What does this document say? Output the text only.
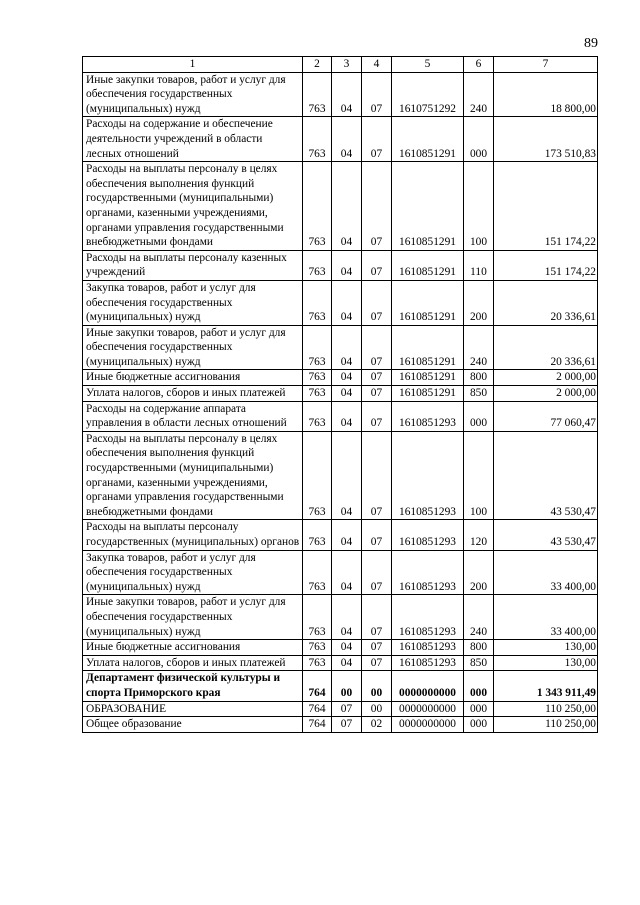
89
1	2	3	4	5	6	7
Иные закупки товаров, работ и услуг для обеспечения государственных (муниципальных) нужд	763	04	07	1610751292	240	18 800,00
Расходы на содержание и обеспечение деятельности учреждений в области лесных отношений	763	04	07	1610851291	000	173 510,83
Расходы на выплаты персоналу в целях обеспечения выполнения функций государственными (муниципальными) органами, казенными учреждениями, органами управления государственными внебюджетными фондами	763	04	07	1610851291	100	151 174,22
Расходы на выплаты персоналу казенных учреждений	763	04	07	1610851291	110	151 174,22
Закупка товаров, работ и услуг для обеспечения государственных (муниципальных) нужд	763	04	07	1610851291	200	20 336,61
Иные закупки товаров, работ и услуг для обеспечения государственных (муниципальных) нужд	763	04	07	1610851291	240	20 336,61
Иные бюджетные ассигнования	763	04	07	1610851291	800	2 000,00
Уплата налогов, сборов и иных платежей	763	04	07	1610851291	850	2 000,00
Расходы на содержание аппарата управления в области лесных отношений	763	04	07	1610851293	000	77 060,47
Расходы на выплаты персоналу в целях обеспечения выполнения функций государственными (муниципальными) органами, казенными учреждениями, органами управления государственными внебюджетными фондами	763	04	07	1610851293	100	43 530,47
Расходы на выплаты персоналу государственных (муниципальных) органов	763	04	07	1610851293	120	43 530,47
Закупка товаров, работ и услуг для обеспечения государственных (муниципальных) нужд	763	04	07	1610851293	200	33 400,00
Иные закупки товаров, работ и услуг для обеспечения государственных (муниципальных) нужд	763	04	07	1610851293	240	33 400,00
Иные бюджетные ассигнования	763	04	07	1610851293	800	130,00
Уплата налогов, сборов и иных платежей	763	04	07	1610851293	850	130,00
Департамент физической культуры и спорта Приморского края	764	00	00	0000000000	000	1 343 911,49
ОБРАЗОВАНИЕ	764	07	00	0000000000	000	110 250,00
Общее образование	764	07	02	0000000000	000	110 250,00
